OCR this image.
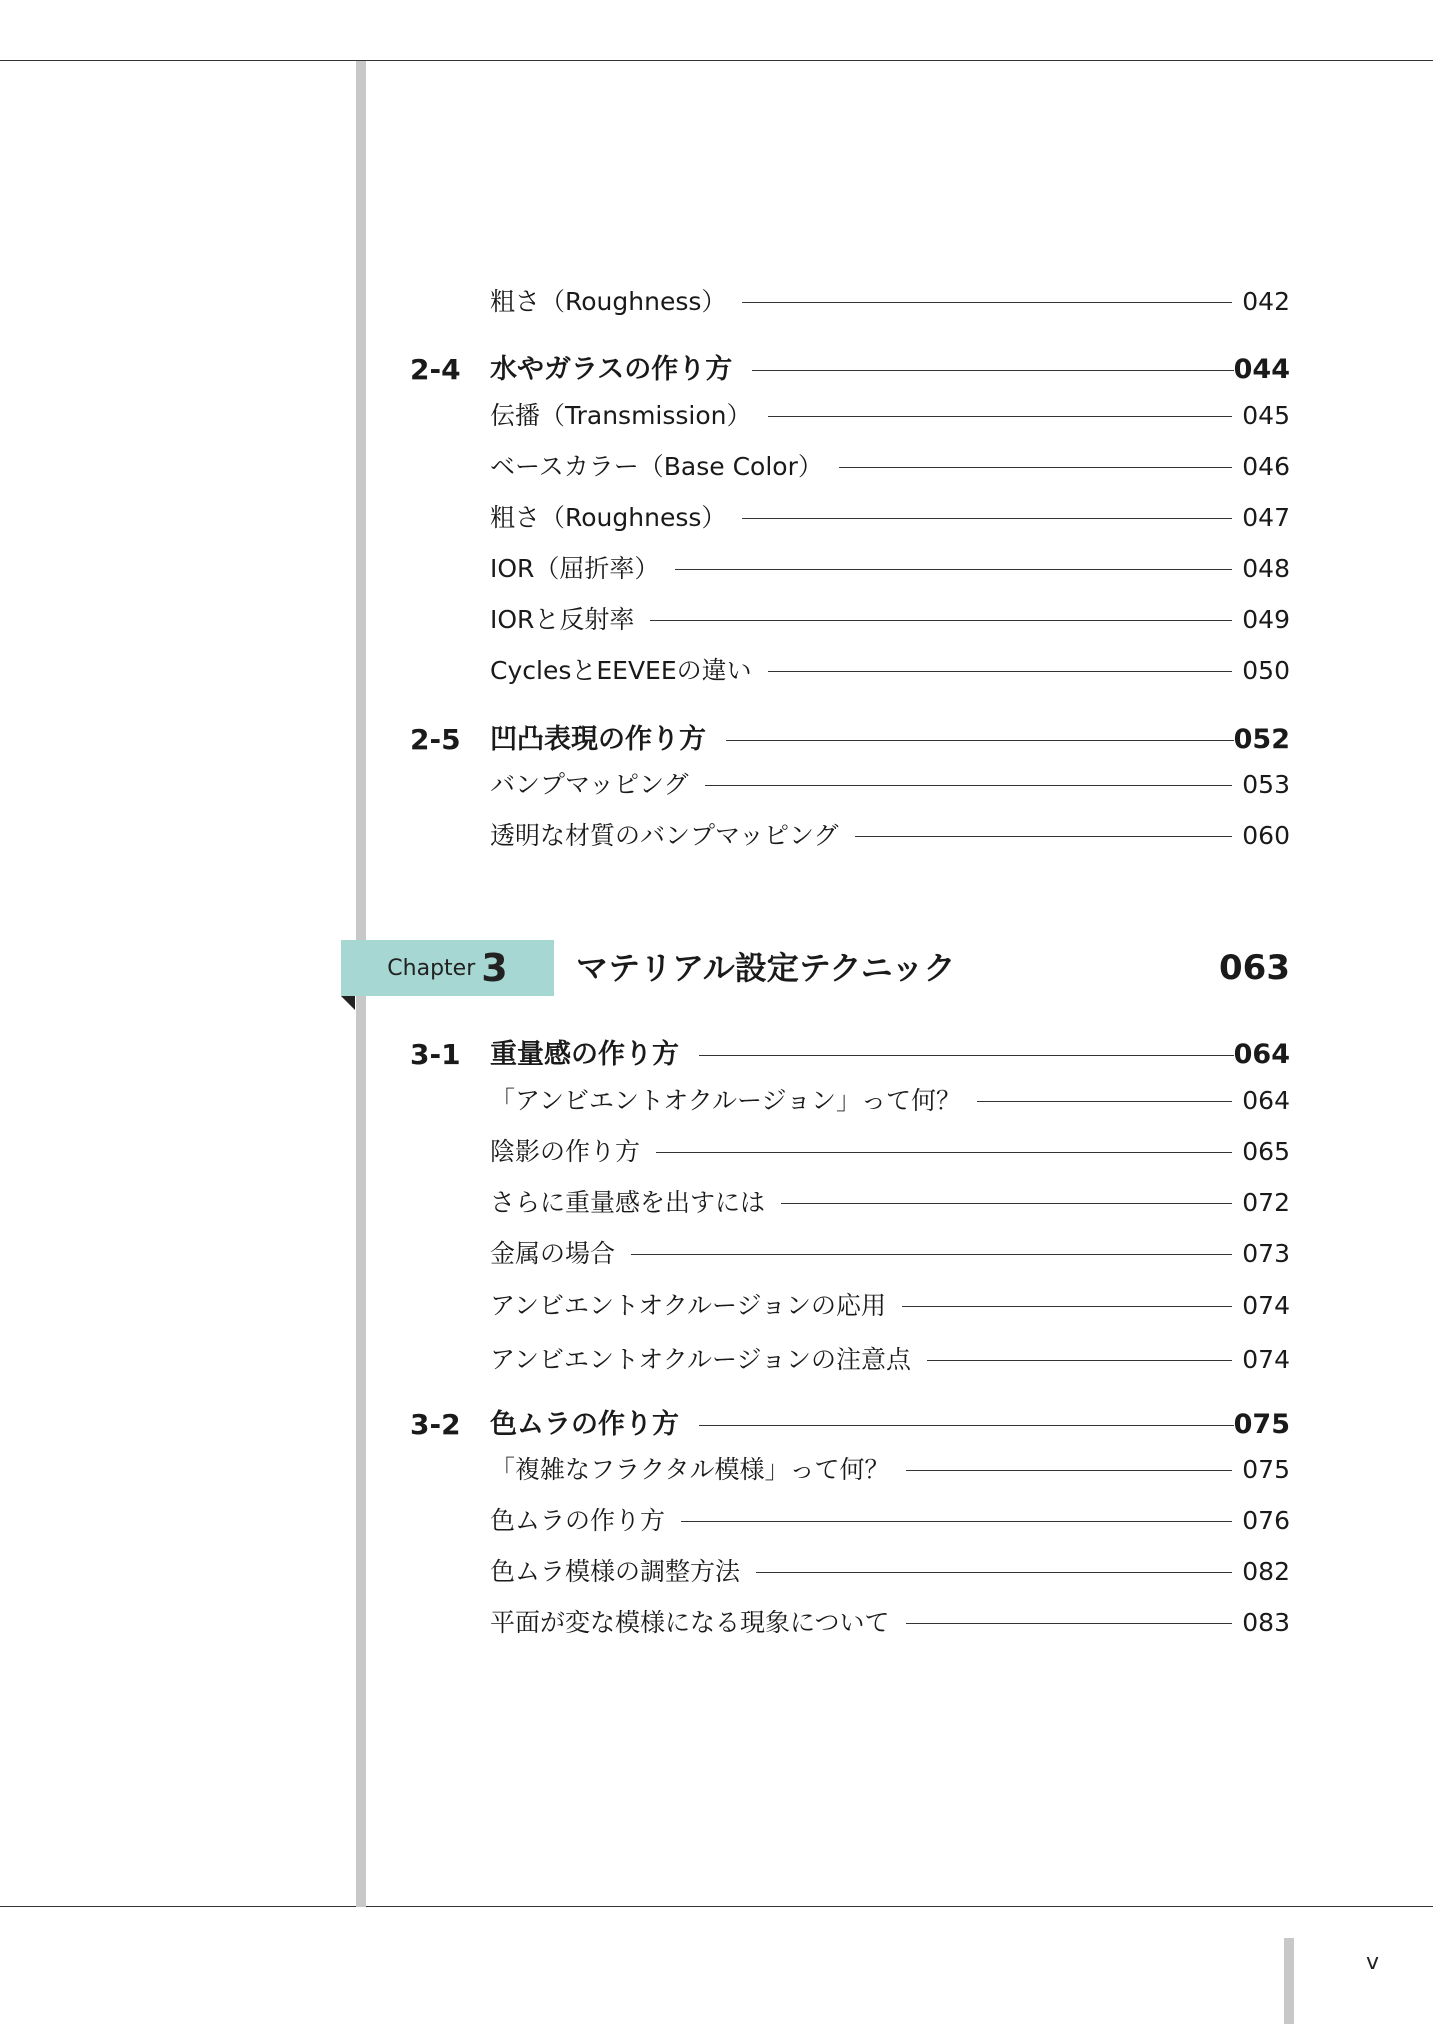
粗さ（Roughness）	042
2-4	水やガラスの作り方	044
伝播（Transmission）	045
ベースカラー（Base Color）	046
粗さ（Roughness）	047
IOR（屈折率）	048
IORと反射率	049
CyclesとEEVEEの違い	050
2-5	凹凸表現の作り方	052
バンプマッピング	053
透明な材質のバンプマッピング	060
Chapter 3 マテリアル設定テクニック	063
3-1	重量感の作り方	064
「アンビエントオクルージョン」って何？	064
陰影の作り方	065
さらに重量感を出すには	072
金属の場合	073
アンビエントオクルージョンの応用	074
アンビエントオクルージョンの注意点	074
3-2	色ムラの作り方	075
「複雑なフラクタル模様」って何？	075
色ムラの作り方	076
色ムラ模様の調整方法	082
平面が変な模様になる現象について	083
v
